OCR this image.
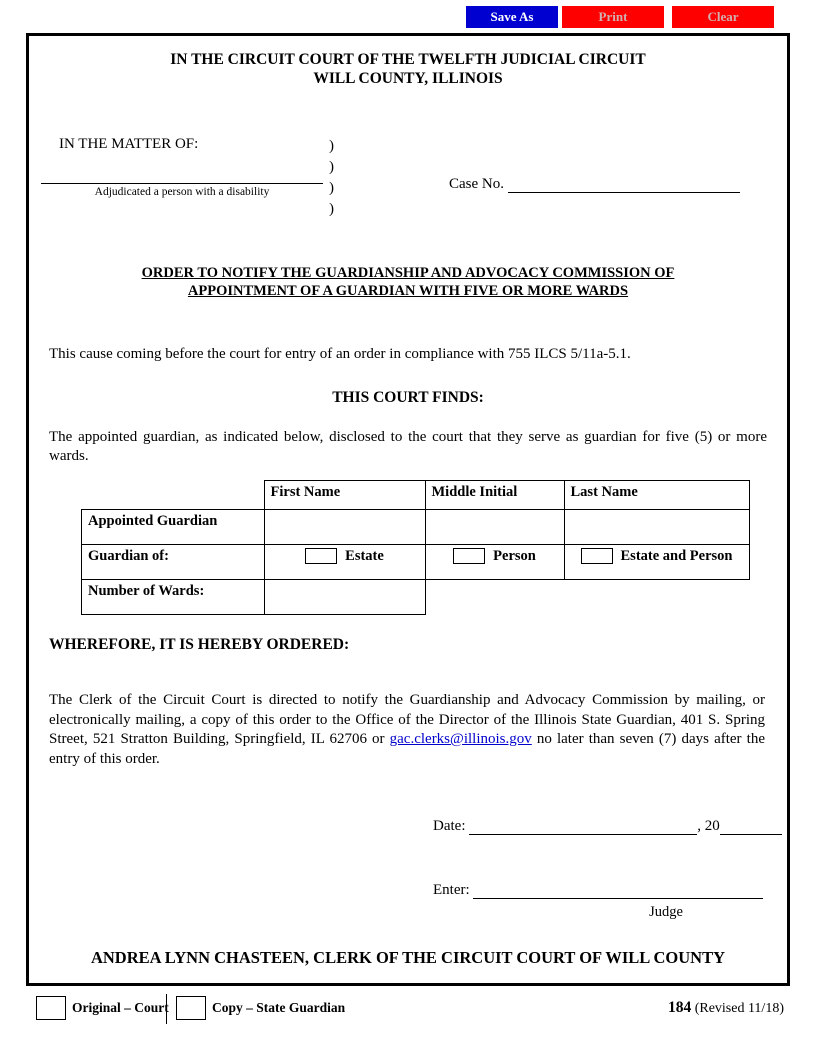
Save As	Print	Clear
IN THE CIRCUIT COURT OF THE TWELFTH JUDICIAL CIRCUIT
WILL COUNTY, ILLINOIS
IN THE MATTER OF:	)
)
)
)
Adjudicated a person with a disability	Case No.
ORDER TO NOTIFY THE GUARDIANSHIP AND ADVOCACY COMMISSION OF
APPOINTMENT OF A GUARDIAN WITH FIVE OR MORE WARDS
This cause coming before the court for entry of an order in compliance with 755 ILCS 5/11a-5.1.
THIS COURT FINDS:
The appointed guardian, as indicated below, disclosed to the court that they serve as guardian for five (5) or more wards.
	First Name	Middle Initial	Last Name
Appointed Guardian			
Guardian of:	Estate	Person	Estate and Person
Number of Wards:			
WHEREFORE, IT IS HEREBY ORDERED:
The Clerk of the Circuit Court is directed to notify the Guardianship and Advocacy Commission by mailing, or electronically mailing, a copy of this order to the Office of the Director of the Illinois State Guardian, 401 S. Spring Street, 521 Stratton Building, Springfield, IL 62706 or gac.clerks@illinois.gov no later than seven (7) days after the entry of this order.
Date:	, 20
Enter:
Judge
ANDREA LYNN CHASTEEN, CLERK OF THE CIRCUIT COURT OF WILL COUNTY
Original – Court	Copy – State Guardian	184 (Revised 11/18)
